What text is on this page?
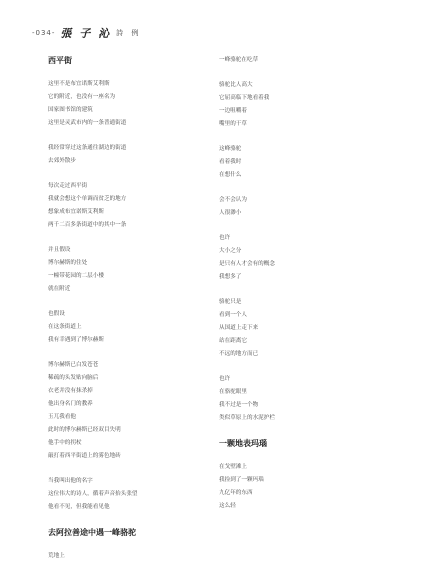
-034- 張 子 沁 詩 例
西平街
这里不是布宜诺斯艾利斯
它的附近，也没有一座名为
国家图书馆的建筑
这里是灵武市内的一条普通街道
我经常穿过这条通往湖边的街道
去郊外散步
每次走过西平街
我就会想这个单调而贫乏的地方
想象成布宜诺斯艾利斯
两千二百多条街道中的其中一条
并且假设
博尔赫斯的住处
一幢带花园的二层小楼
就在附近
也假设
在这条街道上
我有幸遇到了博尔赫斯
博尔赫斯已白发苍苍
稀疏的头发贴向脑后
衣老并没有抹杀掉
他出身名门的教养
玉兀我看他
此时的博尔赫斯已经双目失明
他手中的拐杖
敲打着西平街道上的雾色地砖
当我叫出他的名字
这位伟大的诗人，循着声音抬头张望
他看不见，但我能看见他
去阿拉善途中遇一峰骆驼
荒地上
一峰骆驼在吃草
骆驼比人高大
它屈高临下地看着我
一边咀嚼着
嘴里的干草
这峰骆驼
看着我时
在想什么
会不会认为
人很渺小
也许
大小之分
是只有人才会有的概念
我想多了
骆驼只是
看到一个人
从国道上走下来
站在距离它
不远的地方而已
也许
在骆驼眼里
我不过是一个物
类似草原上的水泥护栏
一颗地表玛瑙
在戈壁滩上
我捡到了一颗玛瑙
九亿年的东西
这么轻
